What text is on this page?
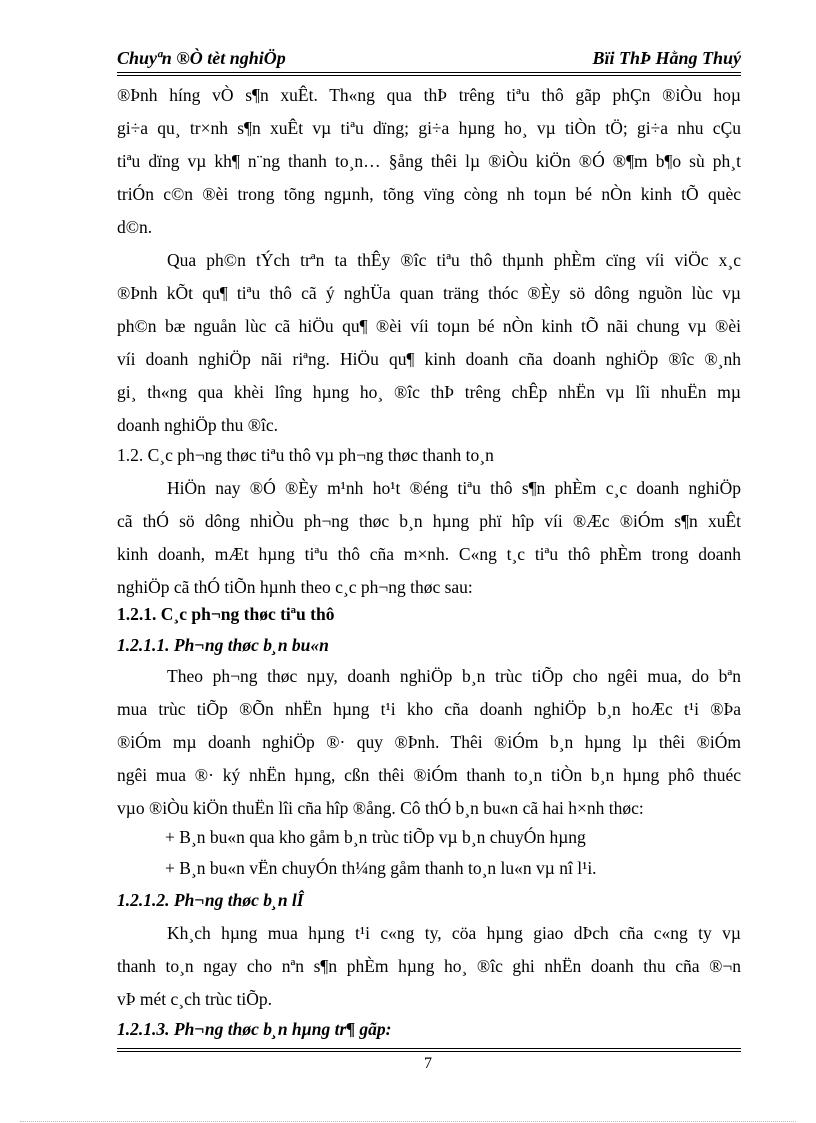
Chuyªn ®Ò tèt nghiÖp	Bïi ThÞ Hằng Thuý
®Þnh híng vÒ s¶n xuÊt. Th«ng qua thÞ trêng tiªu thô gãp phÇn ®iÒu hoµ
gi÷a qu¸ tr×nh s¶n xuÊt vµ tiªu dïng; gi÷a hµng ho¸ vµ tiÒn tÖ; gi÷a nhu cÇu
tiªu dïng vµ kh¶ n¨ng thanh to¸n… §ång thêi lµ ®iÒu kiÖn ®Ó ®¶m b¶o sù ph¸t
triÓn c©n ®èi trong tõng ngµnh, tõng vïng còng nh toµn bé nÒn kinh tÕ quèc
d©n.
Qua ph©n tÝch trªn ta thÊy ®îc tiªu thô thµnh phÈm cïng víi viÖc x¸c
®Þnh kÕt qu¶ tiªu thô cã ý nghÜa quan träng thóc ®Èy sö dông nguồn lùc vµ
ph©n bæ nguån lùc cã hiÖu qu¶ ®èi víi toµn bé nÒn kinh tÕ nãi chung vµ ®èi
víi doanh nghiÖp nãi riªng. HiÖu qu¶ kinh doanh cña doanh nghiÖp ®îc ®¸nh
gi¸ th«ng qua khèi lîng hµng ho¸ ®îc thÞ trêng chÊp nhËn vµ lîi nhuËn mµ
doanh nghiÖp thu ®îc.
1.2. C¸c ph¬ng thøc tiªu thô vµ ph¬ng thøc thanh to¸n
HiÖn nay ®Ó ®Èy m¹nh ho¹t ®éng tiªu thô s¶n phÈm c¸c doanh nghiÖp
cã thÓ sö dông nhiÒu ph¬ng thøc b¸n hµng phï hîp víi ®Æc ®iÓm s¶n xuÊt
kinh doanh, mÆt hµng tiªu thô cña m×nh. C«ng t¸c tiªu thô phÈm trong doanh
nghiÖp cã thÓ tiÕn hµnh theo c¸c ph¬ng thøc sau:
1.2.1. C¸c ph¬ng thøc tiªu thô
1.2.1.1. Ph¬ng thøc b¸n bu«n
Theo ph¬ng thøc nµy, doanh nghiÖp b¸n trùc tiÕp cho ngêi mua, do bªn
mua trùc tiÕp ®Õn nhËn hµng t¹i kho cña doanh nghiÖp b¸n hoÆc t¹i ®Þa
®iÓm mµ doanh nghiÖp ®· quy ®Þnh. Thêi ®iÓm b¸n hµng lµ thêi ®iÓm
ngêi mua ®· ký nhËn hµng, cßn thêi ®iÓm thanh to¸n tiÒn b¸n hµng phô thuéc
vµo ®iÒu kiÖn thuËn lîi cña hîp ®ång. Cô thÓ b¸n bu«n cã hai h×nh thøc:
+ B¸n bu«n qua kho gåm b¸n trùc tiÕp vµ b¸n chuyÓn hµng
+ B¸n bu«n vËn chuyÓn th¼ng gåm thanh to¸n lu«n vµ nî l¹i.
1.2.1.2. Ph¬ng thøc b¸n lÎ
Kh¸ch hµng mua hµng t¹i c«ng ty, cöa hµng giao dÞch cña c«ng ty vµ
thanh to¸n ngay cho nªn s¶n phÈm hµng ho¸ ®îc ghi nhËn doanh thu cña ®¬n
vÞ mét c¸ch trùc tiÕp.
1.2.1.3. Ph¬ng thøc b¸n hµng tr¶ gãp:
7
